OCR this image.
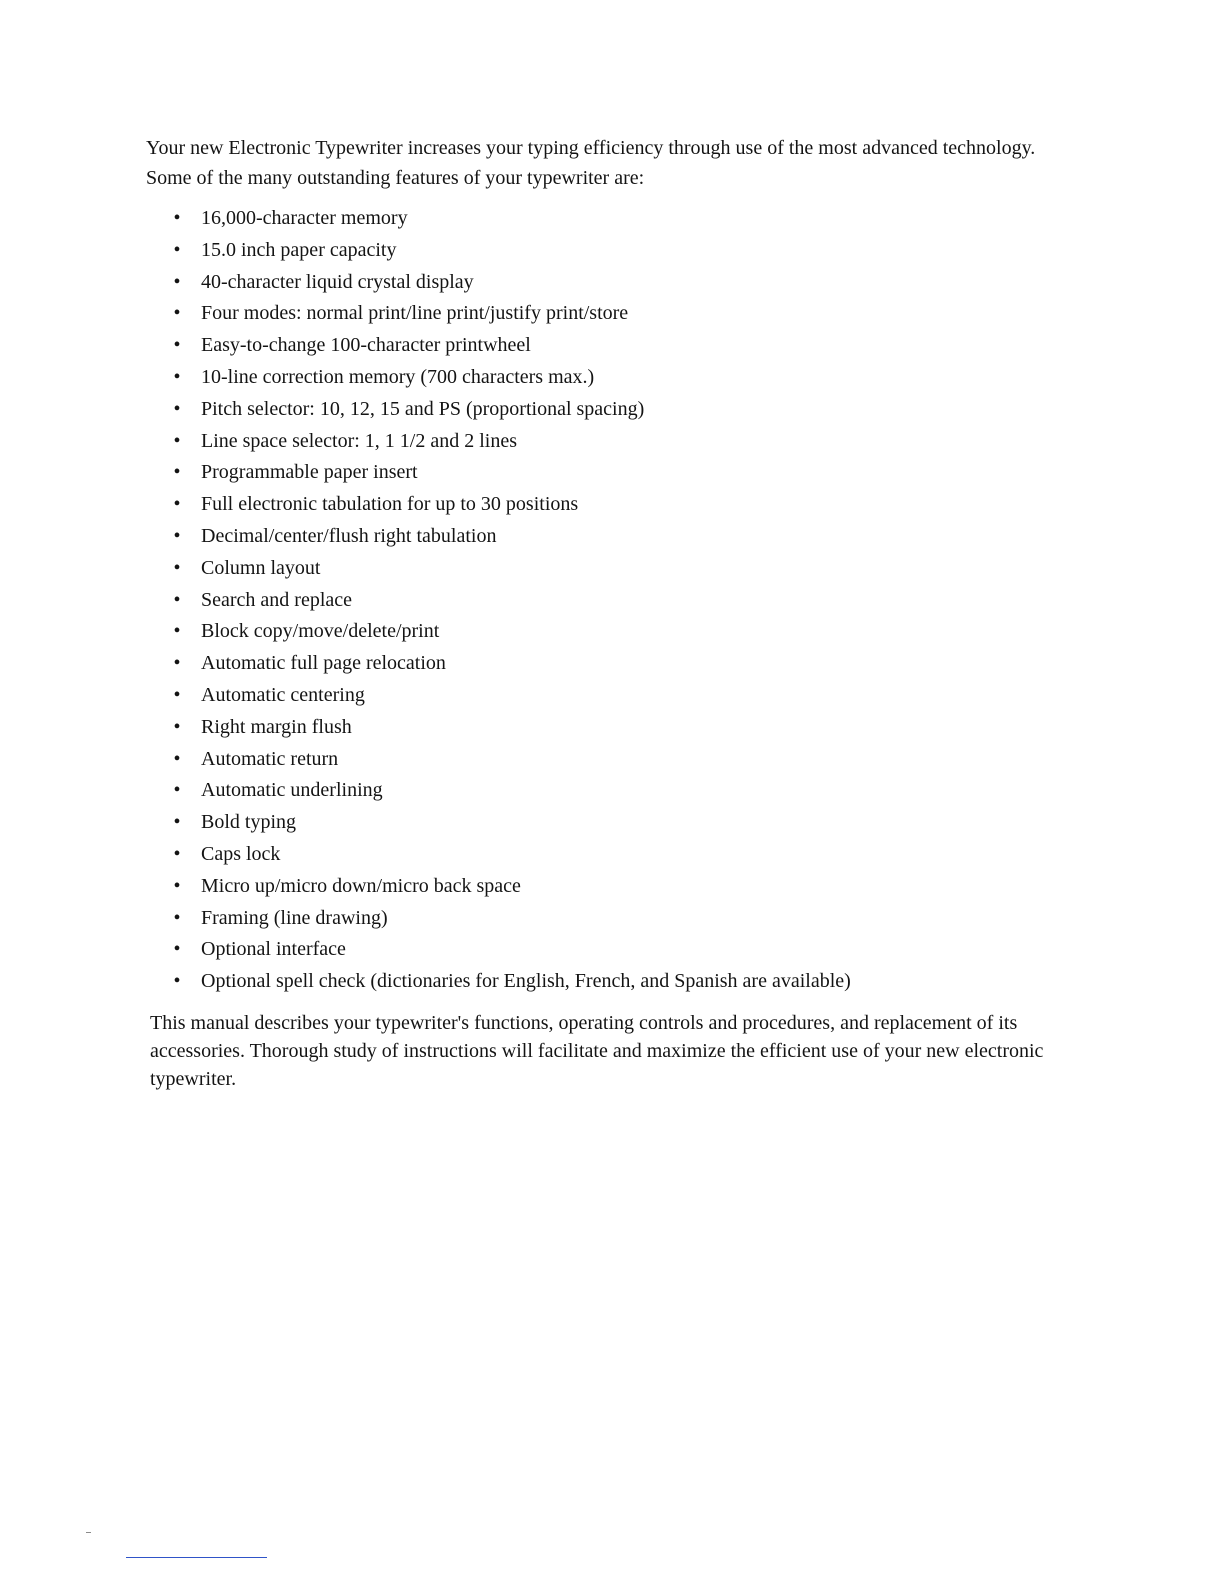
Your new Electronic Typewriter increases your typing efficiency through use of the most advanced technology. Some of the many outstanding features of your typewriter are:

• 16,000-character memory
• 15.0 inch paper capacity
• 40-character liquid crystal display
• Four modes: normal print/line print/justify print/store
• Easy-to-change 100-character printwheel
• 10-line correction memory (700 characters max.)
• Pitch selector: 10, 12, 15 and PS (proportional spacing)
• Line space selector: 1, 1 1/2 and 2 lines
• Programmable paper insert
• Full electronic tabulation for up to 30 positions
• Decimal/center/flush right tabulation
• Column layout
• Search and replace
• Block copy/move/delete/print
• Automatic full page relocation
• Automatic centering
• Right margin flush
• Automatic return
• Automatic underlining
• Bold typing
• Caps lock
• Micro up/micro down/micro back space
• Framing (line drawing)
• Optional interface
• Optional spell check (dictionaries for English, French, and Spanish are available)

This manual describes your typewriter's functions, operating controls and procedures, and replacement of its accessories. Thorough study of instructions will facilitate and maximize the efficient use of your new electronic typewriter.
